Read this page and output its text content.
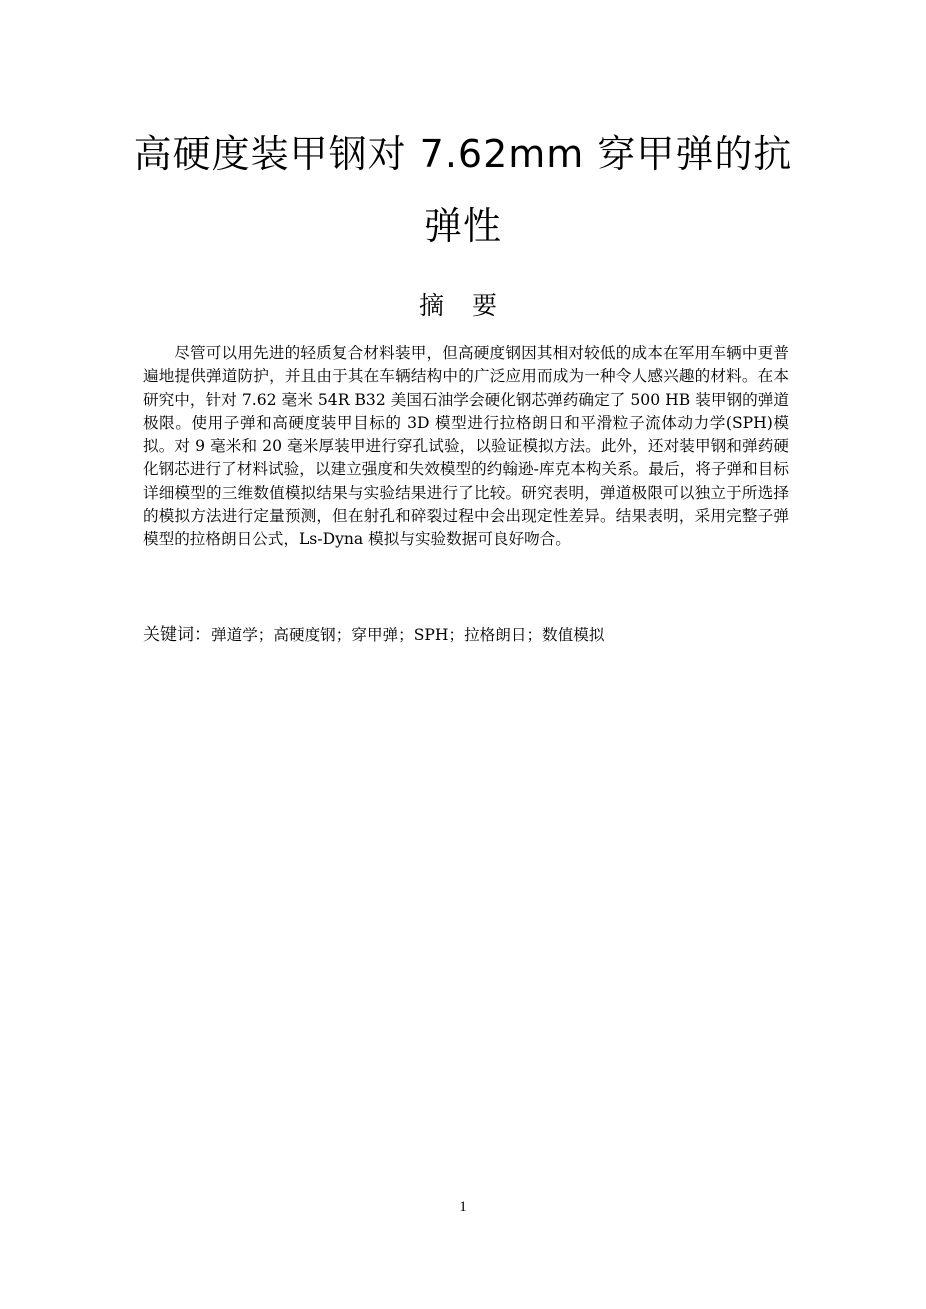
高硬度装甲钢对 7.62mm 穿甲弹的抗
弹性
摘 要

尽管可以用先进的轻质复合材料装甲，但高硬度钢因其相对较低的成本在军用车辆中更普遍地提供弹道防护，并且由于其在车辆结构中的广泛应用而成为一种令人感兴趣的材料。在本研究中，针对 7.62 毫米 54R B32 美国石油学会硬化钢芯弹药确定了 500 HB 装甲钢的弹道极限。使用子弹和高硬度装甲目标的 3D 模型进行拉格朗日和平滑粒子流体动力学(SPH)模拟。对 9 毫米和 20 毫米厚装甲进行穿孔试验，以验证模拟方法。此外，还对装甲钢和弹药硬化钢芯进行了材料试验，以建立强度和失效模型的约翰逊-库克本构关系。最后，将子弹和目标详细模型的三维数值模拟结果与实验结果进行了比较。研究表明，弹道极限可以独立于所选择的模拟方法进行定量预测，但在射孔和碎裂过程中会出现定性差异。结果表明，采用完整子弹模型的拉格朗日公式，Ls-Dyna 模拟与实验数据可良好吻合。

关键词：弹道学；高硬度钢；穿甲弹；SPH；拉格朗日；数值模拟

1
